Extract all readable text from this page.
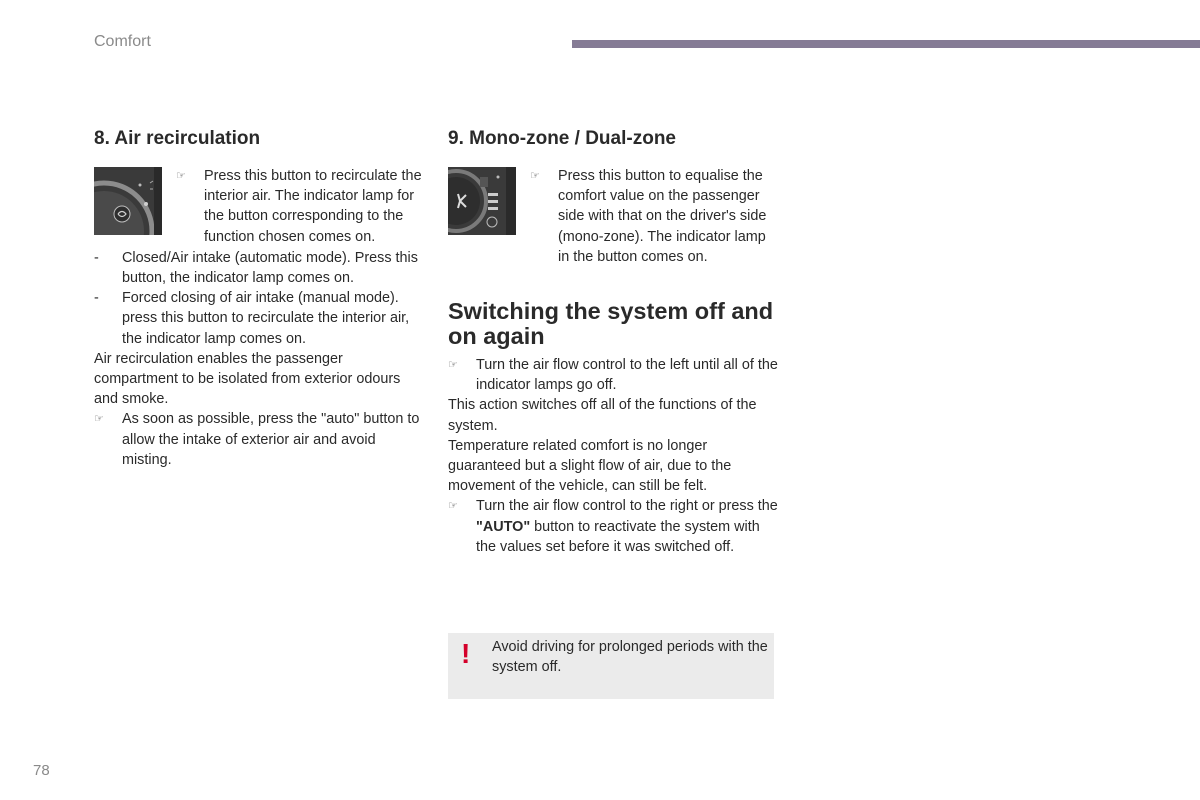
Comfort
8. Air recirculation
☞	Press this button to recirculate the interior air. The indicator lamp for the button corresponding to the function chosen comes on.
-	Closed/Air intake (automatic mode). Press this button, the indicator lamp comes on.
-	Forced closing of air intake (manual mode). press this button to recirculate the interior air, the indicator lamp comes on.

Air recirculation enables the passenger compartment to be isolated from exterior odours and smoke.

☞	As soon as possible, press the "auto" button to allow the intake of exterior air and avoid misting.
9. Mono-zone / Dual-zone
☞	Press this button to equalise the comfort value on the passenger side with that on the driver's side (mono-zone). The indicator lamp in the button comes on.
Switching the system off and on again
☞	Turn the air flow control to the left until all of the indicator lamps go off.

This action switches off all of the functions of the system.

Temperature related comfort is no longer guaranteed but a slight flow of air, due to the movement of the vehicle, can still be felt.

☞	Turn the air flow control to the right or press the "AUTO" button to reactivate the system with the values set before it was switched off.
! Avoid driving for prolonged periods with the system off.
78
